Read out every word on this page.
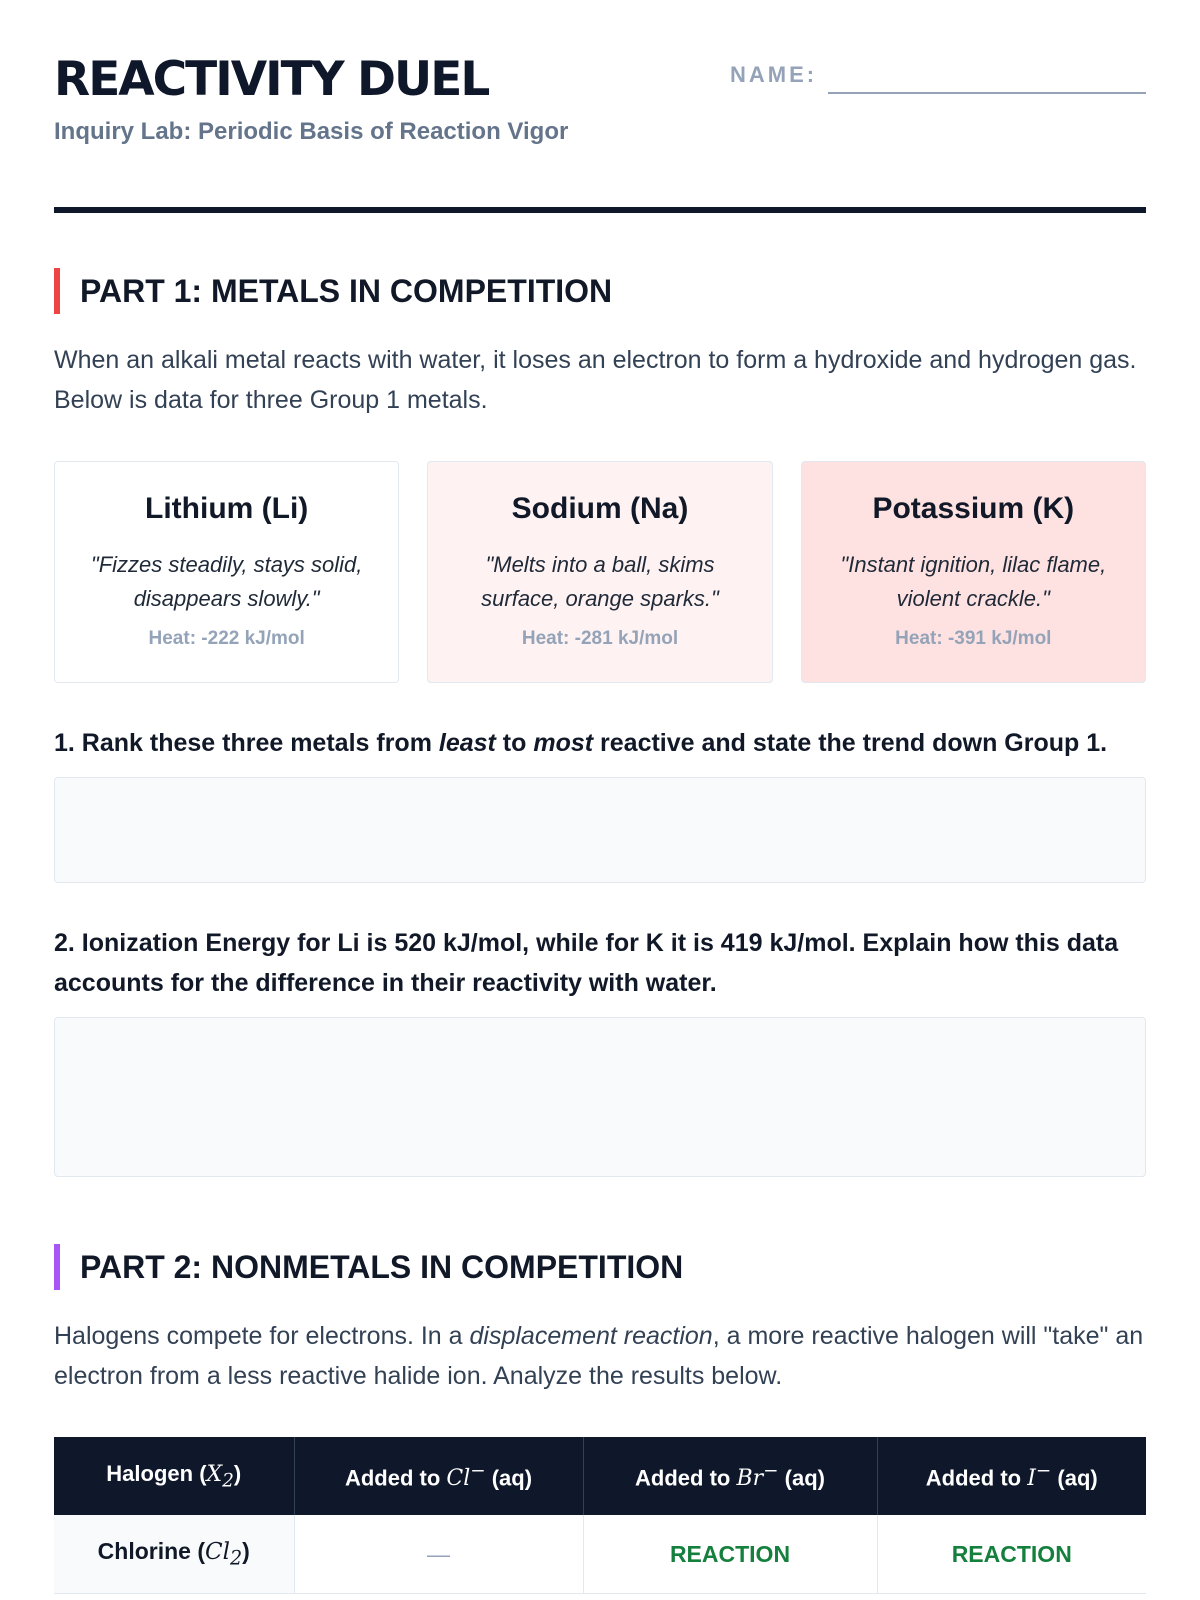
REACTIVITY DUEL
Inquiry Lab: Periodic Basis of Reaction Vigor
NAME:
PART 1: METALS IN COMPETITION
When an alkali metal reacts with water, it loses an electron to form a hydroxide and hydrogen gas. Below is data for three Group 1 metals.
Lithium (Li)
"Fizzes steadily, stays solid, disappears slowly."
Heat: -222 kJ/mol
Sodium (Na)
"Melts into a ball, skims surface, orange sparks."
Heat: -281 kJ/mol
Potassium (K)
"Instant ignition, lilac flame, violent crackle."
Heat: -391 kJ/mol
1. Rank these three metals from least to most reactive and state the trend down Group 1.
2. Ionization Energy for Li is 520 kJ/mol, while for K it is 419 kJ/mol. Explain how this data accounts for the difference in their reactivity with water.
PART 2: NONMETALS IN COMPETITION
Halogens compete for electrons. In a displacement reaction, a more reactive halogen will "take" an electron from a less reactive halide ion. Analyze the results below.
Halogen $(X_2)$	Added to Cl− (aq)	Added to Br− (aq)	Added to I− (aq)
Chlorine $(Cl_2)$	—	REACTION	REACTION
